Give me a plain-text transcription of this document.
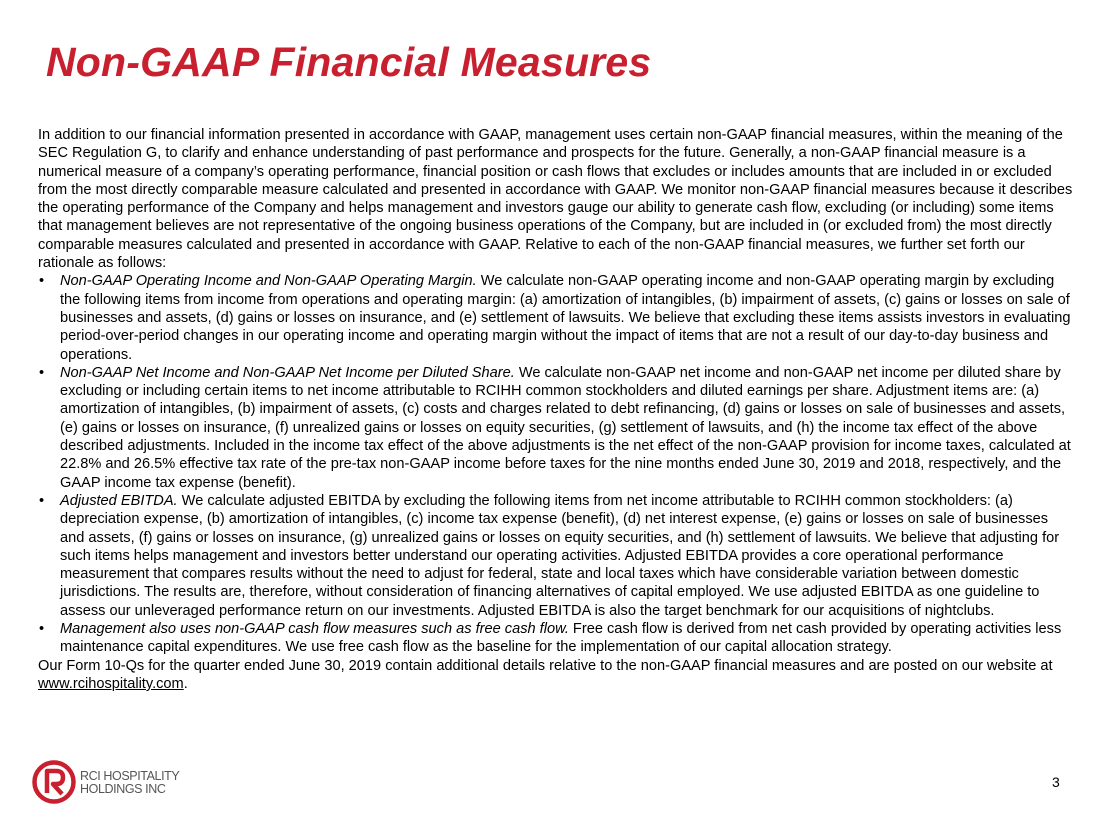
Non-GAAP Financial Measures

In addition to our financial information presented in accordance with GAAP, management uses certain non-GAAP financial measures, within the meaning of the SEC Regulation G, to clarify and enhance understanding of past performance and prospects for the future. Generally, a non-GAAP financial measure is a numerical measure of a company’s operating performance, financial position or cash flows that excludes or includes amounts that are included in or excluded from the most directly comparable measure calculated and presented in accordance with GAAP. We monitor non-GAAP financial measures because it describes the operating performance of the Company and helps management and investors gauge our ability to generate cash flow, excluding (or including) some items that management believes are not representative of the ongoing business operations of the Company, but are included in (or excluded from) the most directly comparable measures calculated and presented in accordance with GAAP. Relative to each of the non-GAAP financial measures, we further set forth our rationale as follows:

• Non-GAAP Operating Income and Non-GAAP Operating Margin. We calculate non-GAAP operating income and non-GAAP operating margin by excluding the following items from income from operations and operating margin: (a) amortization of intangibles, (b) impairment of assets, (c) gains or losses on sale of businesses and assets, (d) gains or losses on insurance, and (e) settlement of lawsuits. We believe that excluding these items assists investors in evaluating period-over-period changes in our operating income and operating margin without the impact of items that are not a result of our day-to-day business and operations.
• Non-GAAP Net Income and Non-GAAP Net Income per Diluted Share. We calculate non-GAAP net income and non-GAAP net income per diluted share by excluding or including certain items to net income attributable to RCIHH common stockholders and diluted earnings per share. Adjustment items are: (a) amortization of intangibles, (b) impairment of assets, (c) costs and charges related to debt refinancing, (d) gains or losses on sale of businesses and assets, (e) gains or losses on insurance, (f) unrealized gains or losses on equity securities, (g) settlement of lawsuits, and (h) the income tax effect of the above described adjustments. Included in the income tax effect of the above adjustments is the net effect of the non-GAAP provision for income taxes, calculated at 22.8% and 26.5% effective tax rate of the pre-tax non-GAAP income before taxes for the nine months ended June 30, 2019 and 2018, respectively, and the GAAP income tax expense (benefit).
• Adjusted EBITDA. We calculate adjusted EBITDA by excluding the following items from net income attributable to RCIHH common stockholders: (a) depreciation expense, (b) amortization of intangibles, (c) income tax expense (benefit), (d) net interest expense, (e) gains or losses on sale of businesses and assets, (f) gains or losses on insurance, (g) unrealized gains or losses on equity securities, and (h) settlement of lawsuits. We believe that adjusting for such items helps management and investors better understand our operating activities. Adjusted EBITDA provides a core operational performance measurement that compares results without the need to adjust for federal, state and local taxes which have considerable variation between domestic jurisdictions. The results are, therefore, without consideration of financing alternatives of capital employed. We use adjusted EBITDA as one guideline to assess our unleveraged performance return on our investments. Adjusted EBITDA is also the target benchmark for our acquisitions of nightclubs.
• Management also uses non-GAAP cash flow measures such as free cash flow. Free cash flow is derived from net cash provided by operating activities less maintenance capital expenditures. We use free cash flow as the baseline for the implementation of our capital allocation strategy.

Our Form 10-Qs for the quarter ended June 30, 2019 contain additional details relative to the non-GAAP financial measures and are posted on our website at www.rcihospitality.com.

RCI HOSPITALITY
HOLDINGS INC	3
